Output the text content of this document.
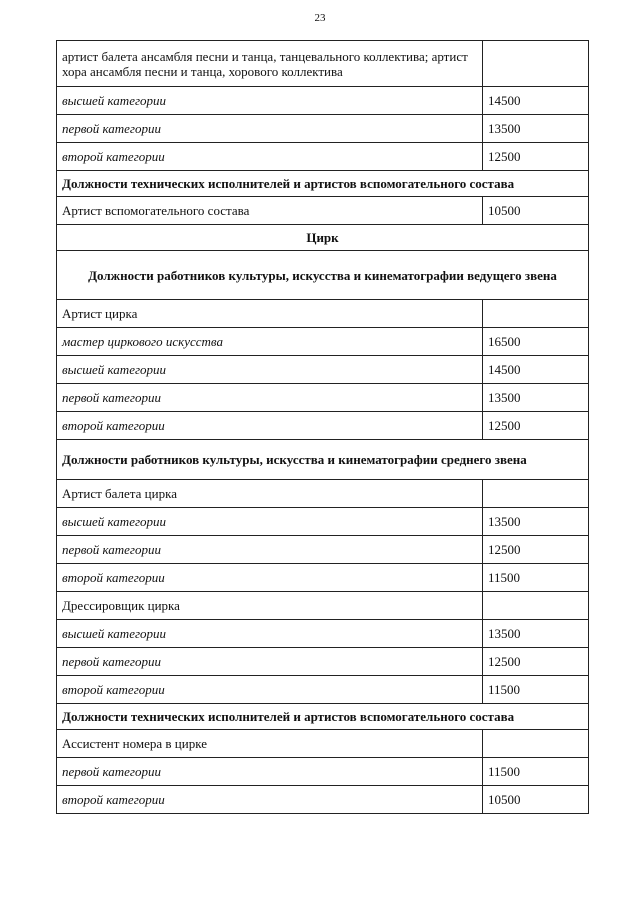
23
артист балета ансамбля песни и танца, танцевального коллектива; артист хора ансамбля песни и танца, хорового коллектива	
высшей категории	14500
первой категории	13500
второй категории	12500
Должности технических исполнителей и артистов вспомогательного состава	
Артист вспомогательного состава	10500
Цирк	
Должности работников культуры, искусства и кинематографии ведущего звена	
Артист цирка	
мастер циркового искусства	16500
высшей категории	14500
первой категории	13500
второй категории	12500
Должности работников культуры, искусства и кинематографии среднего звена	
Артист балета цирка	
высшей категории	13500
первой категории	12500
второй категории	11500
Дрессировщик цирка	
высшей категории	13500
первой категории	12500
второй категории	11500
Должности технических исполнителей и артистов вспомогательного состава	
Ассистент номера в цирке	
первой категории	11500
второй категории	10500
